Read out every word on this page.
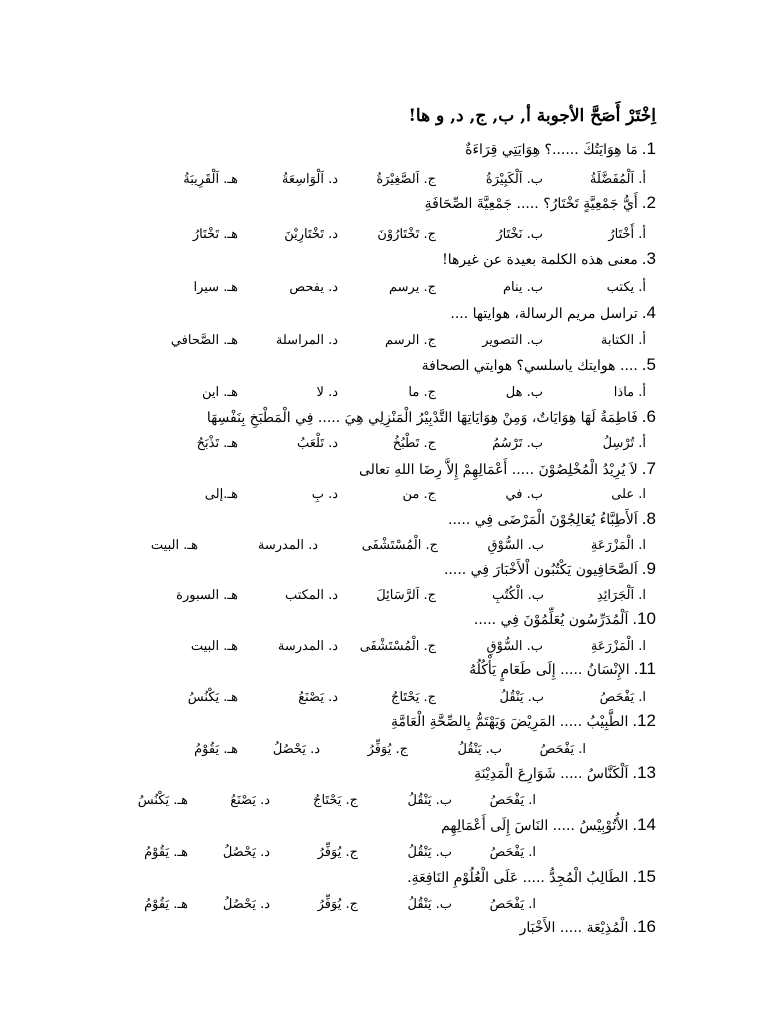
اِخْتَرْ أَصَحَّ الأجوبة أ, ب, ج, د, و ها!
1.مَا هِوَايَتُكَ ......؟ هِوَايَتِي قِرَاءَةٌ
أ. اَلْمُفَضَّلَةُ
ب. اَلْكَبِيْرَةُ
ج. اَلصَّغِيْرَةُ
د. اَلْوَاسِعَةُ
هـ. اَلْقَرِيبَةُ
2.أَيُّ جَمْعِيَّةٍ تَخْتَارُ؟ ..... جَمْعِيَّةَ الصِّحَافَةِ
أ. أَخْتَارُ
ب. نَخْتَارُ
ج. تَخْتَارُوْنَ
د. تَخْتَارِيْنَ
هـ. تَخْتَارُ
3.معنى هذه الكلمة بعيدة عن غيرها!
أ. يكتب
ب. ينام
ج. يرسم
د. يفحص
هـ. سيرا
4.تراسل مريم الرسالة، هوايتها ....
أ. الكتابة
ب. التصوير
ج. الرسم
د. المراسلة
هـ. الصَّحافي
5..... هوايتك ياسلسي؟ هوايتي الصحافة
أ. ماذا
ب. هل
ج. ما
د. لا
هـ. اين
6.فَاطِمَةُ لَهَا هِوَايَاتٌ، وَمِنْ هِوَايَاتِهَا التَّدْبِيْرُ الْمَنْزِلِي هِيَ ..... فِي الْمَطْبَخِ بِنَفْسِهَا
أ. تُرْسِلُ
ب. تَرْسُمُ
ج. تَطْبُخُ
د. تَلْعَبُ
هـ. تَذْبَحُ
7.لاَ يُرِيْدُ الْمُخْلِصُوْنَ ..... أَعْمَالِهِمْ إِلاَّ رِضَا اللهِ تعالى
ا. على
ب. في
ج. من
د. بِ
هـ.إلى
8.اَلأَطِبَّاءُ يُعَالِجُوْنَ الْمَرْضَى فِي .....
ا. الْمَزْرَعَةِ
ب. السُّوْقِ
ج. الْمُسْتَشْفَى
د. المدرسة
هـ. البيت
9.اَلصَّحَافِيون يَكْتُبُون اْلأَخْبَارَ فِي .....
ا. اَلْجَرَائِدِ
ب. الْكُتُبِ
ج. اَلرَّسَائِلَ
د. المكتب
هـ. السبورة
10.اَلْمُدَرِّسُون يُعَلِّمُوْنَ فِي .....
ا. الْمَزْرَعَةِ
ب. السُّوْقِ
ج. الْمُسْتَشْفَى
د. المدرسة
هـ. البيت
11.الإِنْسَانُ ..... إِلَى طَعَامٍ يَأْكُلُهُ
ا. يَفْحَصُ
ب. يَنْقُلُ
ج. يَحْتَاجُ
د. يَصْنَعُ
هـ. يَكْنُسُ
12.الطَّبِيْبُ ..... المَرِيْضَ وَيَهْتَمُّ بِالصِّحَّةِ الْعَامَّةِ
ا. يَفْحَصُ
ب. يَنْقُلُ
ج. يُوَفِّرُ
د. يَحْصُلُ
هـ. يَقُوْمُ
13.اَلْكَنَّاسُ ..... شَوَارِعَ الْمَدِيْنَةِ
ا. يَفْحَصُ
ب. يَنْقُلُ
ج. يَحْتَاجُ
د. يَصْنَعُ
هـ. يَكْنُسُ
14.الأُتُوْبِيْسُ ..... النَاسَ إِلَى أَعْمَالِهِم
ا. يَفْحَصُ
ب. يَنْقُلُ
ج. يُوَفِّرُ
د. يَحْصُلُ
هـ. يَقُوْمُ
15.الطَالِبُ الْمُجِدُّ ..... عَلَى الْعُلُوْمِ النَافِعَةِ.
ا. يَفْحَصُ
ب. يَنْقُلُ
ج. يُوَفِّرُ
د. يَحْصُلُ
هـ. يَقُوْمُ
16.الْمُذِيْعَة ..... الأَخْبَار
